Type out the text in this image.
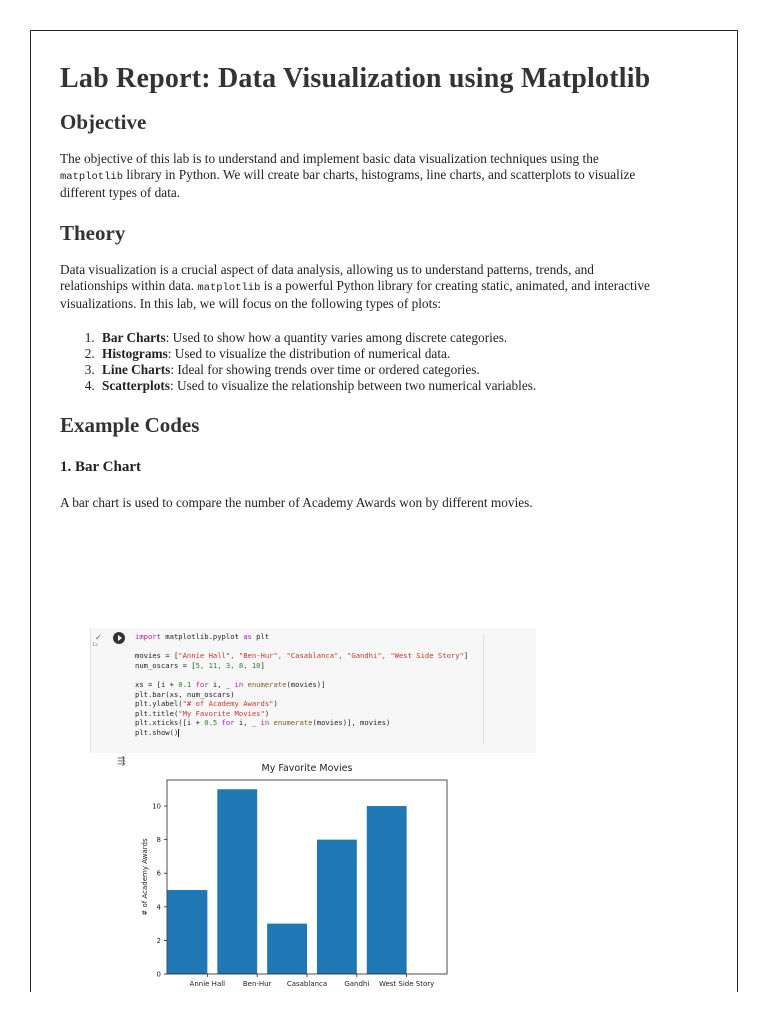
Lab Report: Data Visualization using Matplotlib
Objective

The objective of this lab is to understand and implement basic data visualization techniques using the matplotlib library in Python. We will create bar charts, histograms, line charts, and scatterplots to visualize different types of data.

Theory

Data visualization is a crucial aspect of data analysis, allowing us to understand patterns, trends, and relationships within data. matplotlib is a powerful Python library for creating static, animated, and interactive visualizations. In this lab, we will focus on the following types of plots:

1. Bar Charts: Used to show how a quantity varies among discrete categories.
2. Histograms: Used to visualize the distribution of numerical data.
3. Line Charts: Ideal for showing trends over time or ordered categories.
4. Scatterplots: Used to visualize the relationship between two numerical variables.
Example Codes
1. Bar Chart

A bar chart is used to compare the number of Academy Awards won by different movies.

✓
1s
import matplotlib.pyplot as plt

movies = ["Annie Hall", "Ben-Hur", "Casablanca", "Gandhi", "West Side Story"]
num_oscars = [5, 11, 3, 8, 10]

xs = [i + 0.1 for i, _ in enumerate(movies)]
plt.bar(xs, num_oscars)
plt.ylabel("# of Academy Awards")
plt.title("My Favorite Movies")
plt.xticks([i + 0.5 for i, _ in enumerate(movies)], movies)
plt.show()
⇶
My Favorite Movies
0
2
4
6
8
10
Annie Hall	Ben-Hur Casablanca Gandhi West Side Story
# of Academy Awards
